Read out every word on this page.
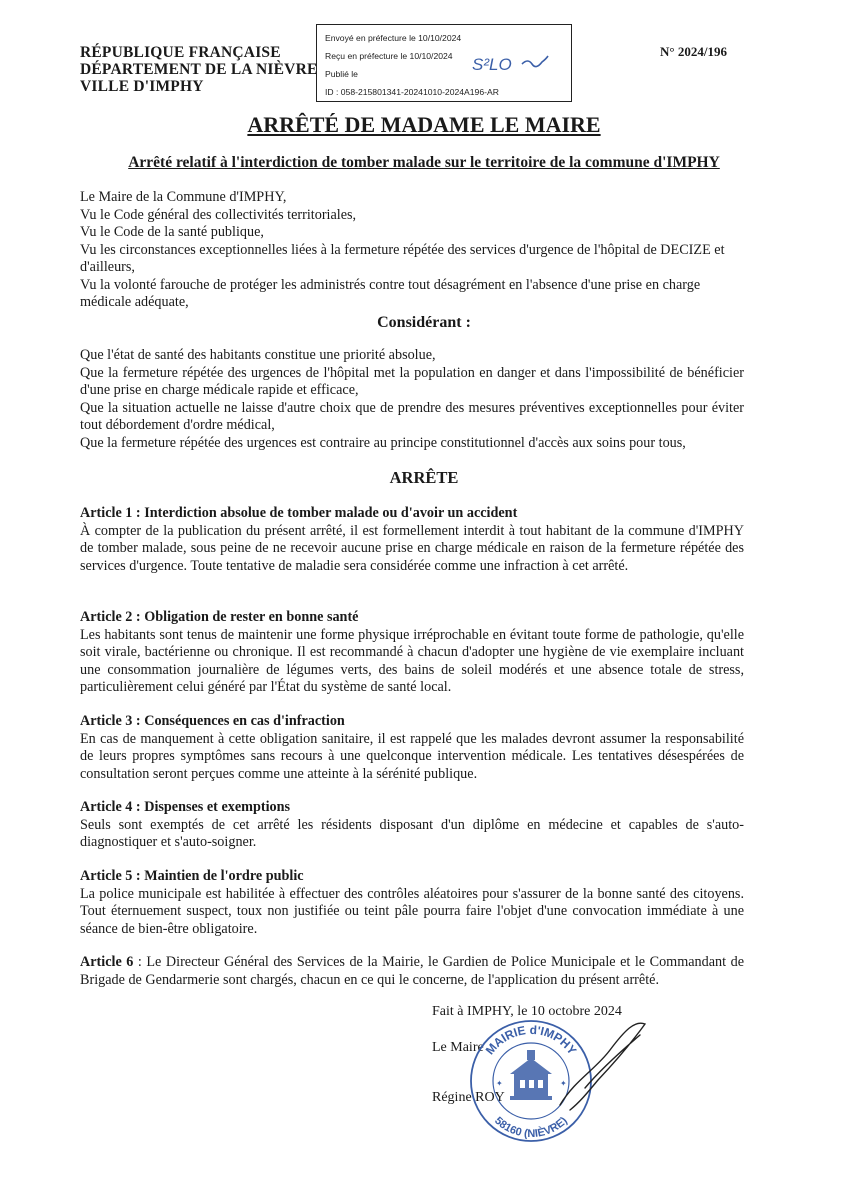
RÉPUBLIQUE FRANÇAISE
DÉPARTEMENT DE LA NIÈVRE
VILLE D'IMPHY
Envoyé en préfecture le 10/10/2024
Reçu en préfecture le 10/10/2024
Publié le
ID : 058-215801341-20241010-2024A196-AR
S²LO
N° 2024/196
ARRÊTÉ DE MADAME LE MAIRE
Arrêté relatif à l'interdiction de tomber malade sur le territoire de la commune d'IMPHY
Le Maire de la Commune d'IMPHY,
Vu le Code général des collectivités territoriales,
Vu le Code de la santé publique,
Vu les circonstances exceptionnelles liées à la fermeture répétée des services d'urgence de l'hôpital de DECIZE et d'ailleurs,
Vu la volonté farouche de protéger les administrés contre tout désagrément en l'absence d'une prise en charge médicale adéquate,
Considérant :
Que l'état de santé des habitants constitue une priorité absolue,
Que la fermeture répétée des urgences de l'hôpital met la population en danger et dans l'impossibilité de bénéficier d'une prise en charge médicale rapide et efficace,
Que la situation actuelle ne laisse d'autre choix que de prendre des mesures préventives exceptionnelles pour éviter tout débordement d'ordre médical,
Que la fermeture répétée des urgences est contraire au principe constitutionnel d'accès aux soins pour tous,
ARRÊTE
Article 1 : Interdiction absolue de tomber malade ou d'avoir un accident
À compter de la publication du présent arrêté, il est formellement interdit à tout habitant de la commune d'IMPHY de tomber malade, sous peine de ne recevoir aucune prise en charge médicale en raison de la fermeture répétée des services d'urgence. Toute tentative de maladie sera considérée comme une infraction à cet arrêté.
Article 2 : Obligation de rester en bonne santé
Les habitants sont tenus de maintenir une forme physique irréprochable en évitant toute forme de pathologie, qu'elle soit virale, bactérienne ou chronique. Il est recommandé à chacun d'adopter une hygiène de vie exemplaire incluant une consommation journalière de légumes verts, des bains de soleil modérés et une absence totale de stress, particulièrement celui généré par l'État du système de santé local.
Article 3 : Conséquences en cas d'infraction
En cas de manquement à cette obligation sanitaire, il est rappelé que les malades devront assumer la responsabilité de leurs propres symptômes sans recours à une quelconque intervention médicale. Les tentatives désespérées de consultation seront perçues comme une atteinte à la sérénité publique.
Article 4 : Dispenses et exemptions
Seuls sont exemptés de cet arrêté les résidents disposant d'un diplôme en médecine et capables de s'auto-diagnostiquer et s'auto-soigner.
Article 5 : Maintien de l'ordre public
La police municipale est habilitée à effectuer des contrôles aléatoires pour s'assurer de la bonne santé des citoyens. Tout éternuement suspect, toux non justifiée ou teint pâle pourra faire l'objet d'une convocation immédiate à une séance de bien-être obligatoire.
Article 6 : Le Directeur Général des Services de la Mairie, le Gardien de Police Municipale et le Commandant de Brigade de Gendarmerie sont chargés, chacun en ce qui le concerne, de l'application du présent arrêté.
Fait à IMPHY, le 10 octobre 2024
Le Maire
Régine ROY
MAIRIE d'IMPHY
58160 (NIÈVRE)
✦	✦
